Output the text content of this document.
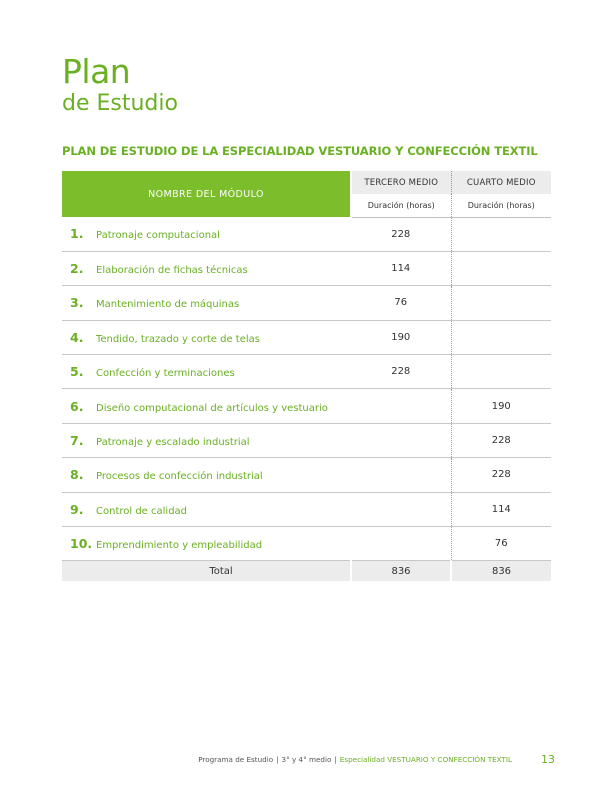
Plan
de Estudio
PLAN DE ESTUDIO DE LA ESPECIALIDAD VESTUARIO Y CONFECCIÓN TEXTIL
NOMBRE DEL MÓDULO	TERCERO MEDIO	CUARTO MEDIO
	Duración (horas)	Duración (horas)
1. Patronaje computacional	228	
2. Elaboración de fichas técnicas	114	
3. Mantenimiento de máquinas	76	
4. Tendido, trazado y corte de telas	190	
5. Confección y terminaciones	228	
6. Diseño computacional de artículos y vestuario		190
7. Patronaje y escalado industrial		228
8. Procesos de confección industrial		228
9. Control de calidad		114
10. Emprendimiento y empleabilidad		76
Total	836	836
Programa de Estudio | 3° y 4° medio | Especialidad VESTUARIO Y CONFECCIÓN TEXTIL	13
